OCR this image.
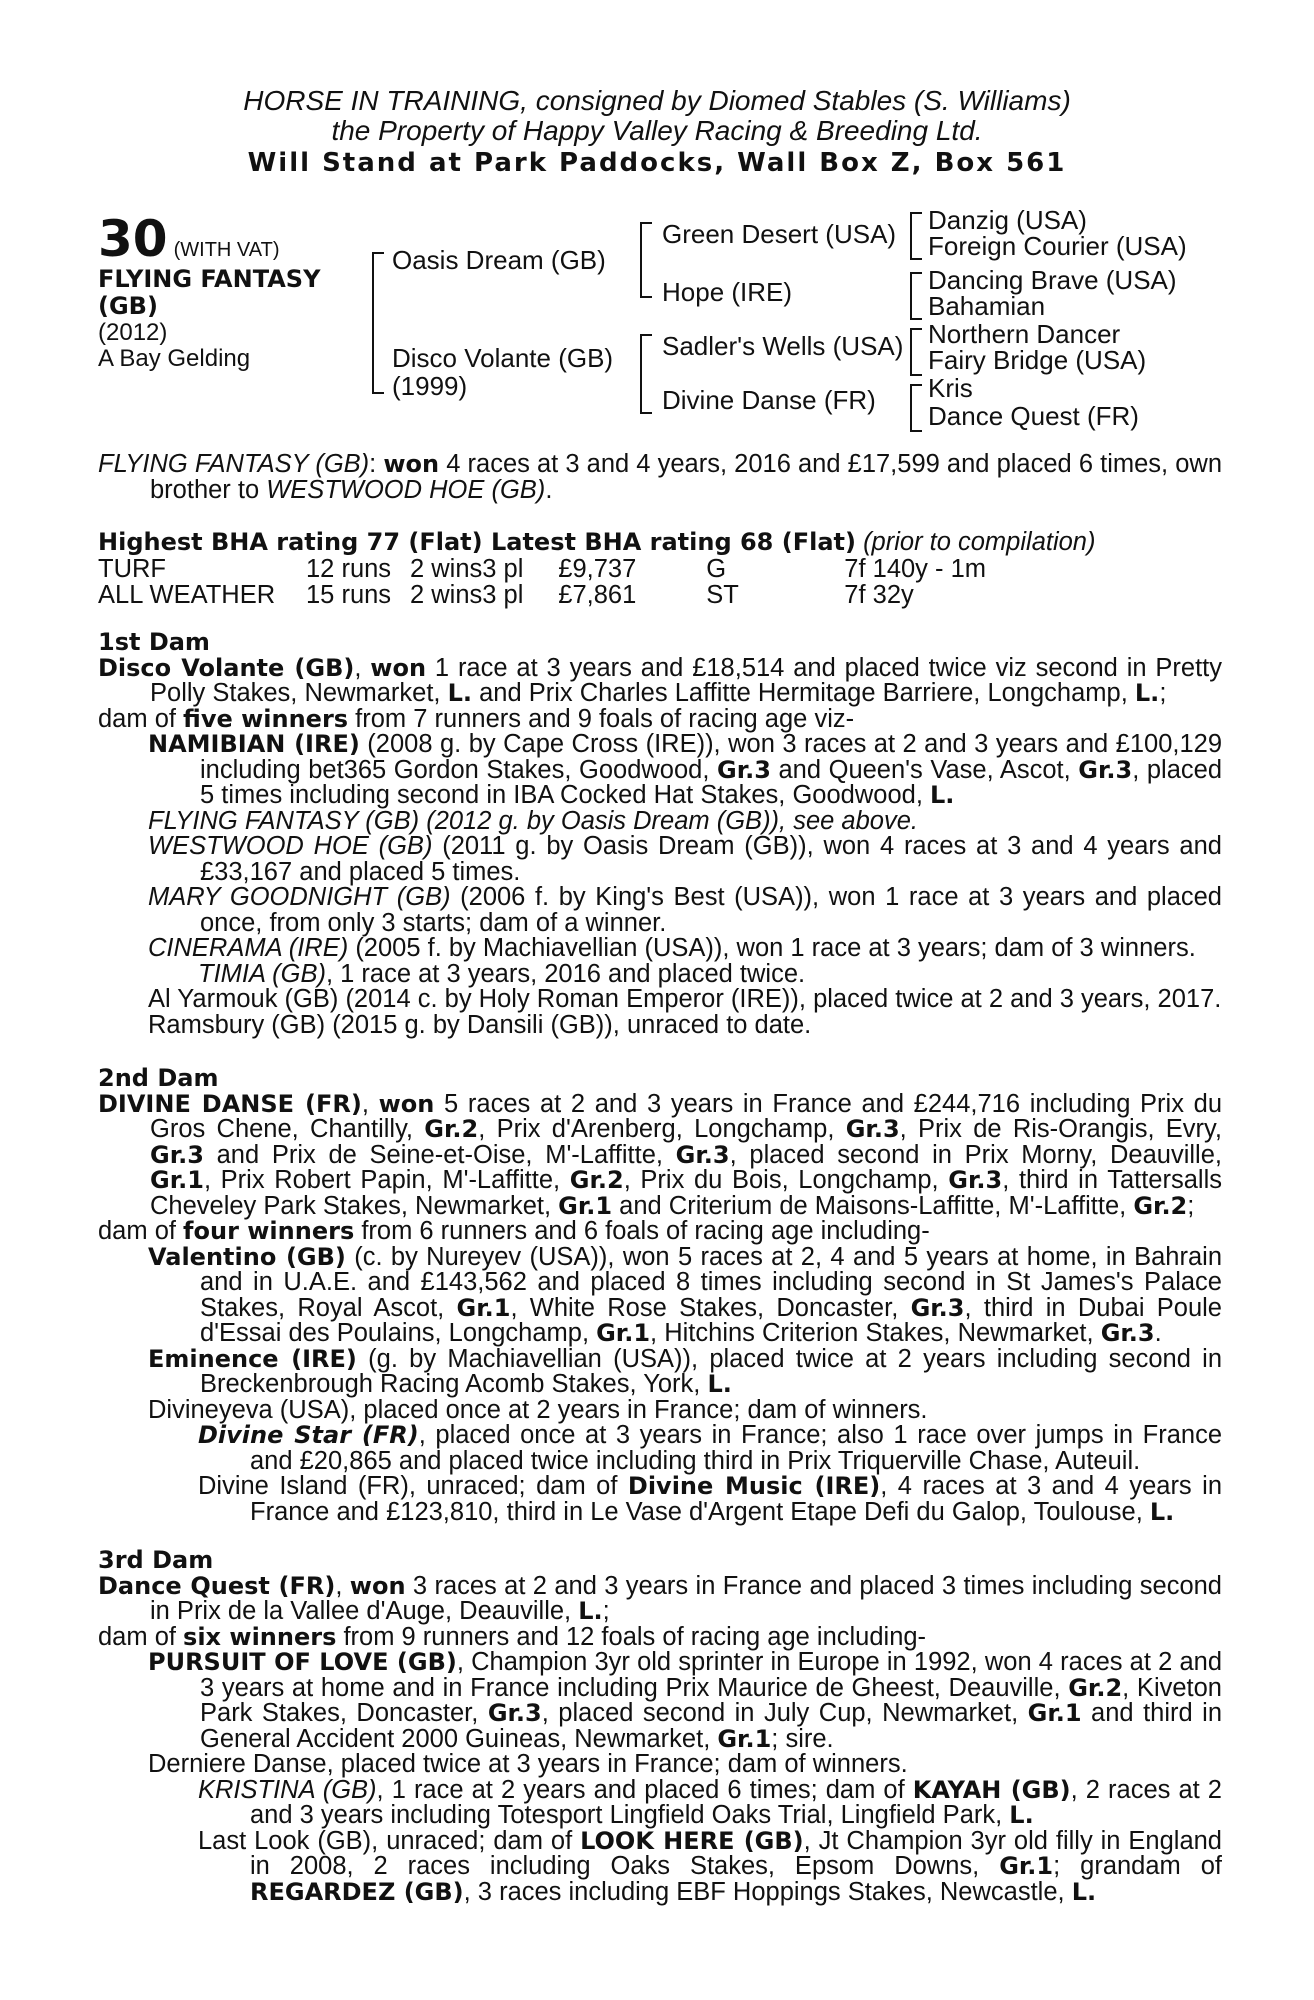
HORSE IN TRAINING, consigned by Diomed Stables (S. Williams)
the Property of Happy Valley Racing & Breeding Ltd.
Will Stand at Park Paddocks, Wall Box Z, Box 561
30 (WITH VAT)
FLYING FANTASY
(GB)
(2012)
A Bay Gelding
Oasis Dream (GB)
Disco Volante (GB)
(1999)
Green Desert (USA)
Hope (IRE)
Sadler's Wells (USA)
Divine Danse (FR)
Danzig (USA)
Foreign Courier (USA)
Dancing Brave (USA)
Bahamian
Northern Dancer
Fairy Bridge (USA)
Kris
Dance Quest (FR)

FLYING FANTASY (GB): won 4 races at 3 and 4 years, 2016 and £17,599 and placed 6 times, own brother to WESTWOOD HOE (GB).

Highest BHA rating 77 (Flat) Latest BHA rating 68 (Flat) (prior to compilation)

TURF	12 runs	2 wins	3 pl	£9,737	G	7f 140y - 1m
ALL WEATHER	15 runs	2 wins	3 pl	£7,861	ST	7f 32y

1st Dam

Disco Volante (GB), won 1 race at 3 years and £18,514 and placed twice viz second in Pretty Polly Stakes, Newmarket, L. and Prix Charles Laffitte Hermitage Barriere, Longchamp, L.;

dam of five winners from 7 runners and 9 foals of racing age viz-

NAMIBIAN (IRE) (2008 g. by Cape Cross (IRE)), won 3 races at 2 and 3 years and £100,129 including bet365 Gordon Stakes, Goodwood, Gr.3 and Queen's Vase, Ascot, Gr.3, placed 5 times including second in IBA Cocked Hat Stakes, Goodwood, L.

FLYING FANTASY (GB) (2012 g. by Oasis Dream (GB)), see above.

WESTWOOD HOE (GB) (2011 g. by Oasis Dream (GB)), won 4 races at 3 and 4 years and £33,167 and placed 5 times.

MARY GOODNIGHT (GB) (2006 f. by King's Best (USA)), won 1 race at 3 years and placed once, from only 3 starts; dam of a winner.

CINERAMA (IRE) (2005 f. by Machiavellian (USA)), won 1 race at 3 years; dam of 3 winners.

TIMIA (GB), 1 race at 3 years, 2016 and placed twice.

Al Yarmouk (GB) (2014 c. by Holy Roman Emperor (IRE)), placed twice at 2 and 3 years, 2017.

Ramsbury (GB) (2015 g. by Dansili (GB)), unraced to date.

2nd Dam

DIVINE DANSE (FR), won 5 races at 2 and 3 years in France and £244,716 including Prix du Gros Chene, Chantilly, Gr.2, Prix d'Arenberg, Longchamp, Gr.3, Prix de Ris-Orangis, Evry, Gr.3 and Prix de Seine-et-Oise, M'-Laffitte, Gr.3, placed second in Prix Morny, Deauville, Gr.1, Prix Robert Papin, M'-Laffitte, Gr.2, Prix du Bois, Longchamp, Gr.3, third in Tattersalls Cheveley Park Stakes, Newmarket, Gr.1 and Criterium de Maisons-Laffitte, M'-Laffitte, Gr.2;

dam of four winners from 6 runners and 6 foals of racing age including-

Valentino (GB) (c. by Nureyev (USA)), won 5 races at 2, 4 and 5 years at home, in Bahrain and in U.A.E. and £143,562 and placed 8 times including second in St James's Palace Stakes, Royal Ascot, Gr.1, White Rose Stakes, Doncaster, Gr.3, third in Dubai Poule d'Essai des Poulains, Longchamp, Gr.1, Hitchins Criterion Stakes, Newmarket, Gr.3.

Eminence (IRE) (g. by Machiavellian (USA)), placed twice at 2 years including second in Breckenbrough Racing Acomb Stakes, York, L.

Divineyeva (USA), placed once at 2 years in France; dam of winners.

Divine Star (FR), placed once at 3 years in France; also 1 race over jumps in France and £20,865 and placed twice including third in Prix Triquerville Chase, Auteuil.

Divine Island (FR), unraced; dam of Divine Music (IRE), 4 races at 3 and 4 years in France and £123,810, third in Le Vase d'Argent Etape Defi du Galop, Toulouse, L.

3rd Dam

Dance Quest (FR), won 3 races at 2 and 3 years in France and placed 3 times including second in Prix de la Vallee d'Auge, Deauville, L.;

dam of six winners from 9 runners and 12 foals of racing age including-

PURSUIT OF LOVE (GB), Champion 3yr old sprinter in Europe in 1992, won 4 races at 2 and 3 years at home and in France including Prix Maurice de Gheest, Deauville, Gr.2, Kiveton Park Stakes, Doncaster, Gr.3, placed second in July Cup, Newmarket, Gr.1 and third in General Accident 2000 Guineas, Newmarket, Gr.1; sire.

Derniere Danse, placed twice at 3 years in France; dam of winners.

KRISTINA (GB), 1 race at 2 years and placed 6 times; dam of KAYAH (GB), 2 races at 2 and 3 years including Totesport Lingfield Oaks Trial, Lingfield Park, L.

Last Look (GB), unraced; dam of LOOK HERE (GB), Jt Champion 3yr old filly in England in 2008, 2 races including Oaks Stakes, Epsom Downs, Gr.1; grandam of REGARDEZ (GB), 3 races including EBF Hoppings Stakes, Newcastle, L.
